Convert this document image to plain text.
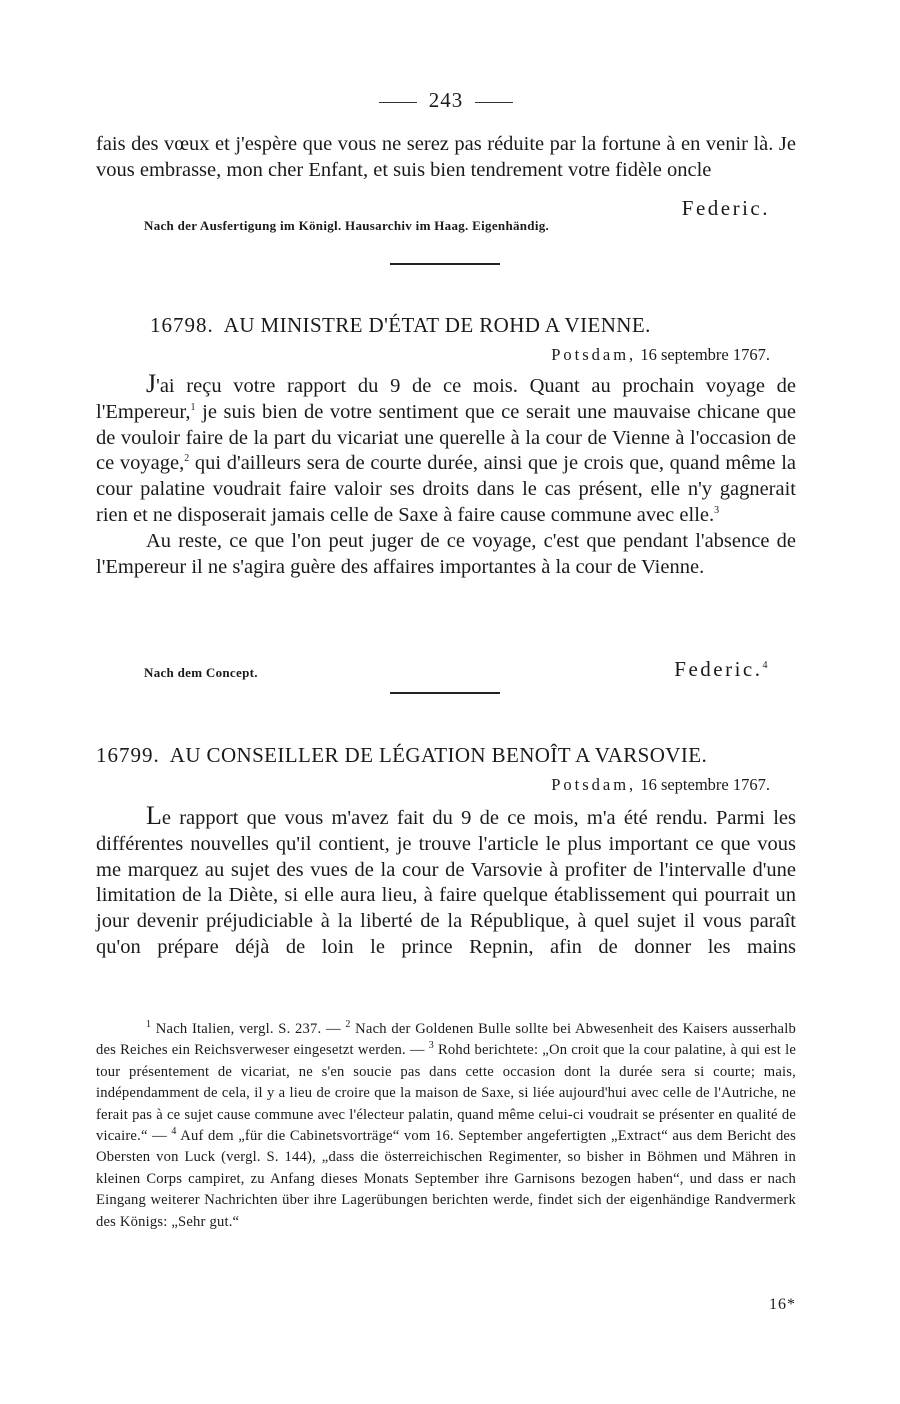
243

fais des vœux et j'espère que vous ne serez pas réduite par la fortune à en venir là. Je vous embrasse, mon cher Enfant, et suis bien tendrement votre fidèle oncle

Federic.
Nach der Ausfertigung im Königl. Hausarchiv im Haag. Eigenhändig.
16798. AU MINISTRE D'ÉTAT DE ROHD A VIENNE.
Potsdam, 16 septembre 1767.

J'ai reçu votre rapport du 9 de ce mois. Quant au prochain voyage de l'Empereur,$^1$ je suis bien de votre sentiment que ce serait une mauvaise chicane que de vouloir faire de la part du vicariat une querelle à la cour de Vienne à l'occasion de ce voyage,$^2$ qui d'ailleurs sera de courte durée, ainsi que je crois que, quand même la cour palatine voudrait faire valoir ses droits dans le cas présent, elle n'y gagnerait rien et ne disposerait jamais celle de Saxe à faire cause commune avec elle.$^3$

Au reste, ce que l'on peut juger de ce voyage, c'est que pendant l'absence de l'Empereur il ne s'agira guère des affaires importantes à la cour de Vienne.

Nach dem Concept.	Federic.$^4$
16799. AU CONSEILLER DE LÉGATION BENOÎT A VARSOVIE.
Potsdam, 16 septembre 1767.

Le rapport que vous m'avez fait du 9 de ce mois, m'a été rendu. Parmi les différentes nouvelles qu'il contient, je trouve l'article le plus important ce que vous me marquez au sujet des vues de la cour de Varsovie à profiter de l'intervalle d'une limitation de la Diète, si elle aura lieu, à faire quelque établissement qui pourrait un jour devenir préjudiciable à la liberté de la République, à quel sujet il vous paraît qu'on prépare déjà de loin le prince Repnin, afin de donner les mains

$^1$ Nach Italien, vergl. S. 237. — $^2$ Nach der Goldenen Bulle sollte bei Abwesenheit des Kaisers ausserhalb des Reiches ein Reichsverweser eingesetzt werden. — $^3$ Rohd berichtete: „On croit que la cour palatine, à qui est le tour présentement de vicariat, ne s'en soucie pas dans cette occasion dont la durée sera si courte; mais, indépendamment de cela, il y a lieu de croire que la maison de Saxe, si liée aujourd'hui avec celle de l'Autriche, ne ferait pas à ce sujet cause commune avec l'électeur palatin, quand même celui-ci voudrait se présenter en qualité de vicaire.“ — $^4$ Auf dem „für die Cabinetsvorträge“ vom 16. September angefertigten „Extract“ aus dem Bericht des Obersten von Luck (vergl. S. 144), „dass die österreichischen Regimenter, so bisher in Böhmen und Mähren in kleinen Corps campiret, zu Anfang dieses Monats September ihre Garnisons bezogen haben“, und dass er nach Eingang weiterer Nachrichten über ihre Lagerübungen berichten werde, findet sich der eigenhändige Randvermerk des Königs: „Sehr gut.“

16*
